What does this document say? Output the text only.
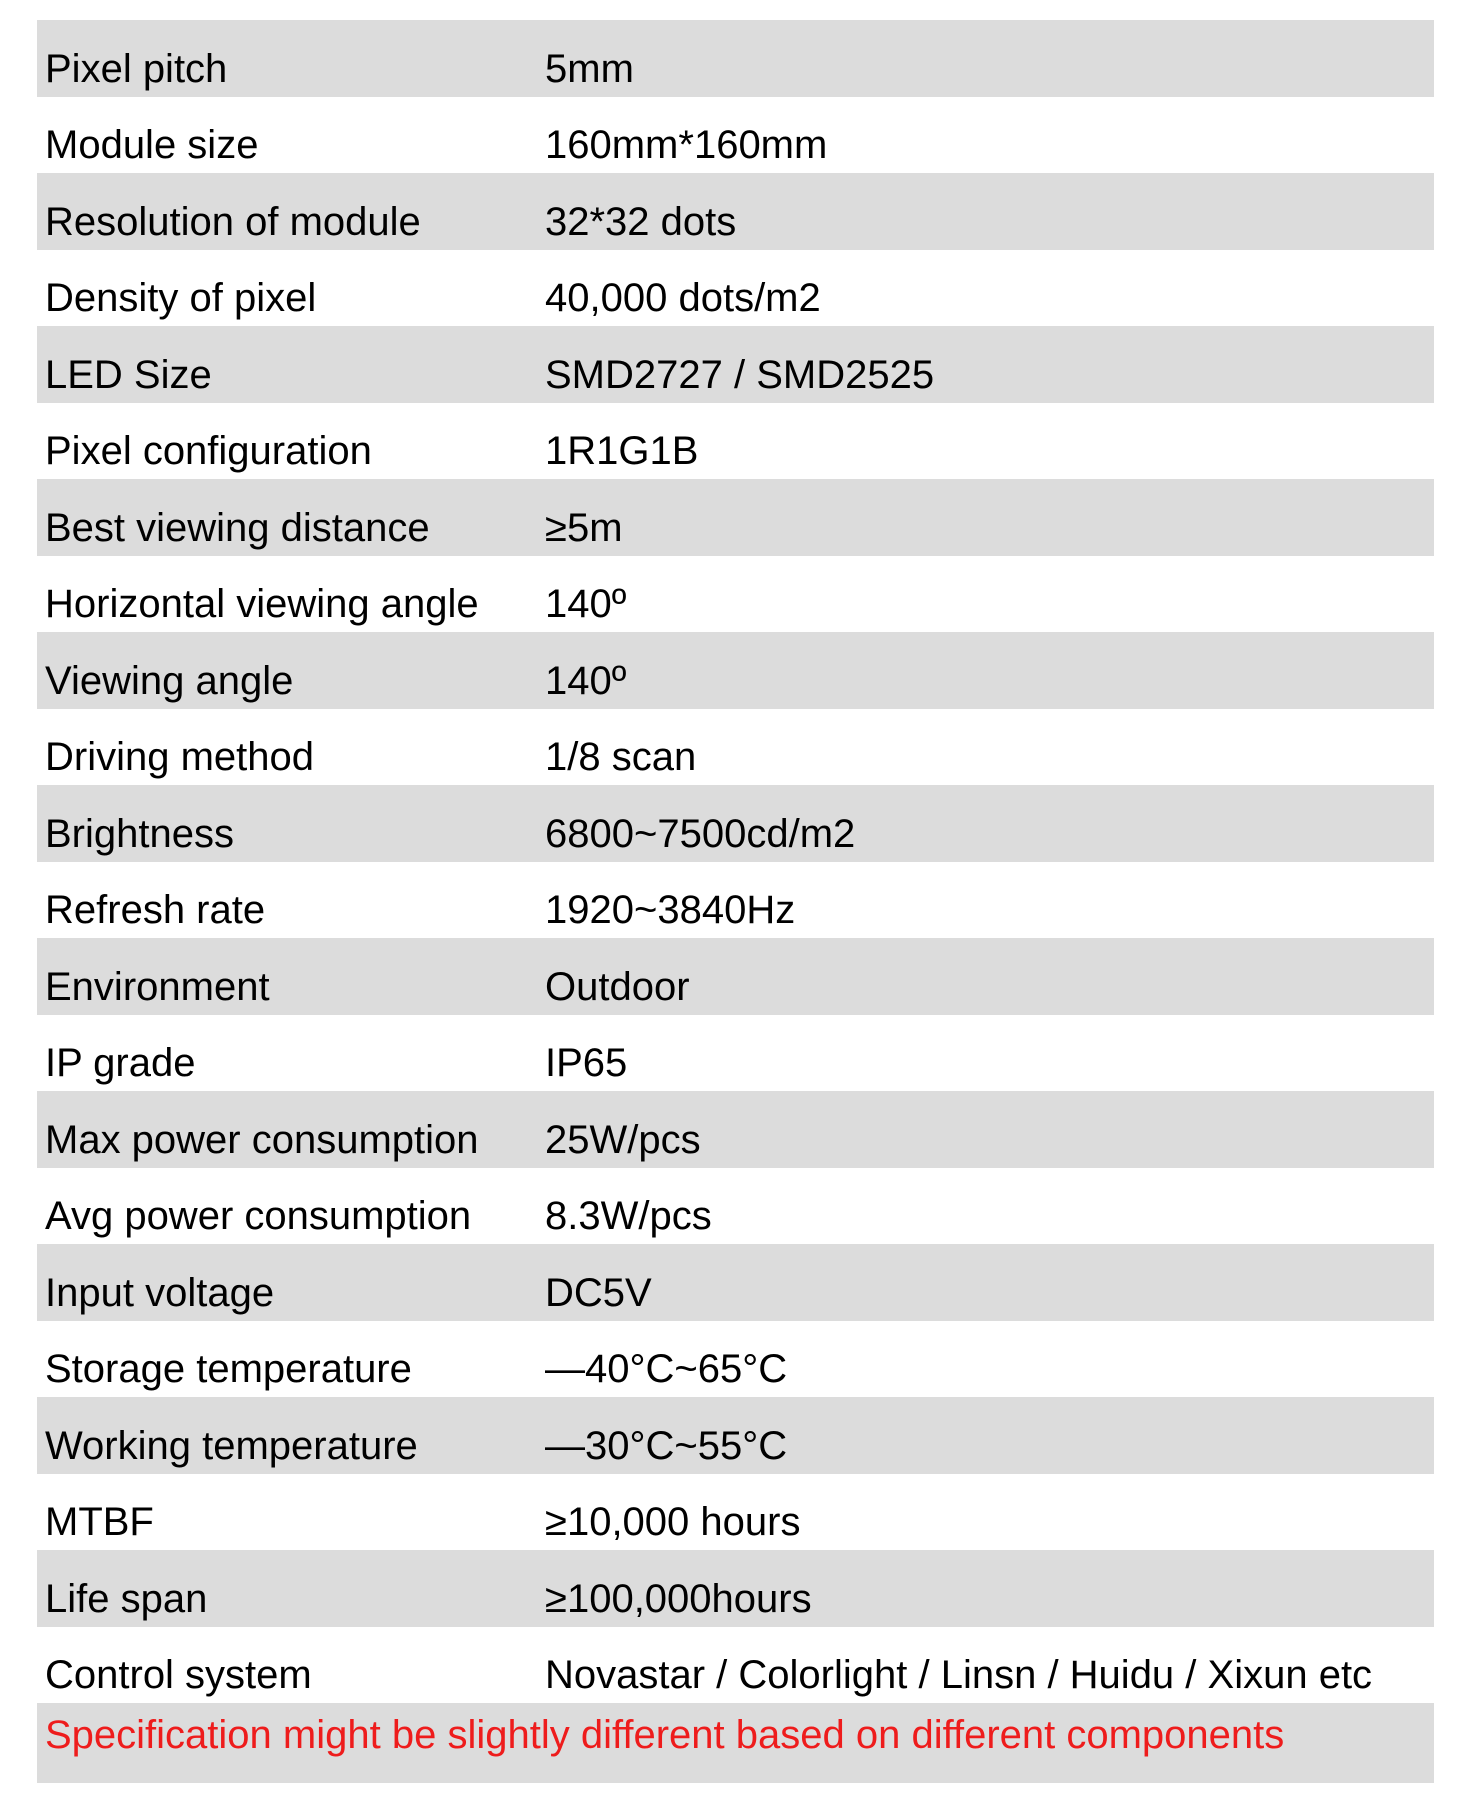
Pixel pitch	5mm
Module size	160mm*160mm
Resolution of module	32*32 dots
Density of pixel	40,000 dots/m2
LED Size	SMD2727 / SMD2525
Pixel configuration	1R1G1B
Best viewing distance	≥5m
Horizontal viewing angle	140º
Viewing angle	140º
Driving method	1/8 scan
Brightness	6800~7500cd/m2
Refresh rate	1920~3840Hz
Environment	Outdoor
IP grade	IP65
Max power consumption	25W/pcs
Avg power consumption	8.3W/pcs
Input voltage	DC5V
Storage temperature	—40°C~65°C
Working temperature	—30°C~55°C
MTBF	≥10,000 hours
Life span	≥100,000hours
Control system	Novastar / Colorlight / Linsn / Huidu / Xixun etc
Specification might be slightly different based on different components
